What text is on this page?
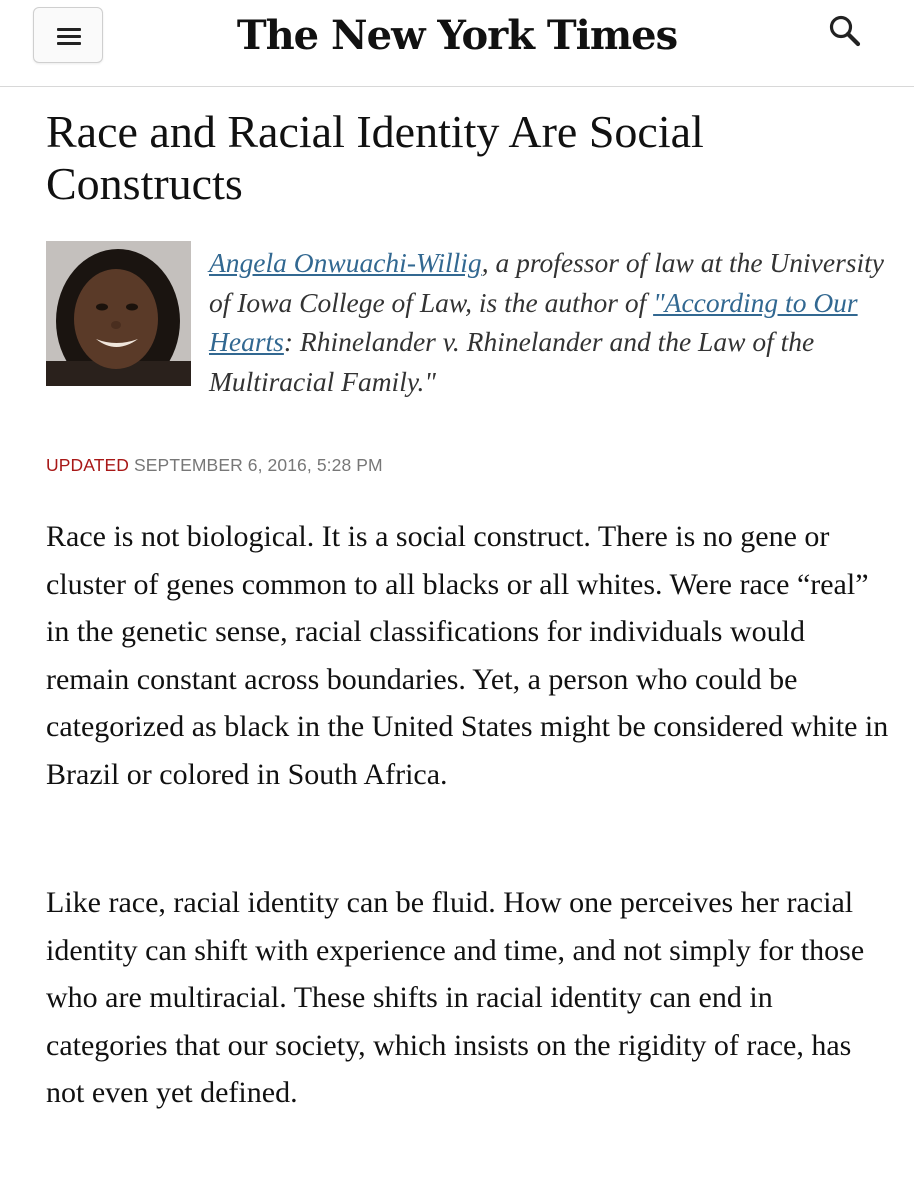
The New York Times
Race and Racial Identity Are Social Constructs
Angela Onwuachi-Willig, a professor of law at the University of Iowa College of Law, is the author of "According to Our Hearts: Rhinelander v. Rhinelander and the Law of the Multiracial Family."
UPDATED SEPTEMBER 6, 2016, 5:28 PM

Race is not biological. It is a social construct. There is no gene or cluster of genes common to all blacks or all whites. Were race “real” in the genetic sense, racial classifications for individuals would remain constant across boundaries. Yet, a person who could be categorized as black in the United States might be considered white in Brazil or colored in South Africa.

Like race, racial identity can be fluid. How one perceives her racial identity can shift with experience and time, and not simply for those who are multiracial. These shifts in racial identity can end in categories that our society, which insists on the rigidity of race, has not even yet defined.
